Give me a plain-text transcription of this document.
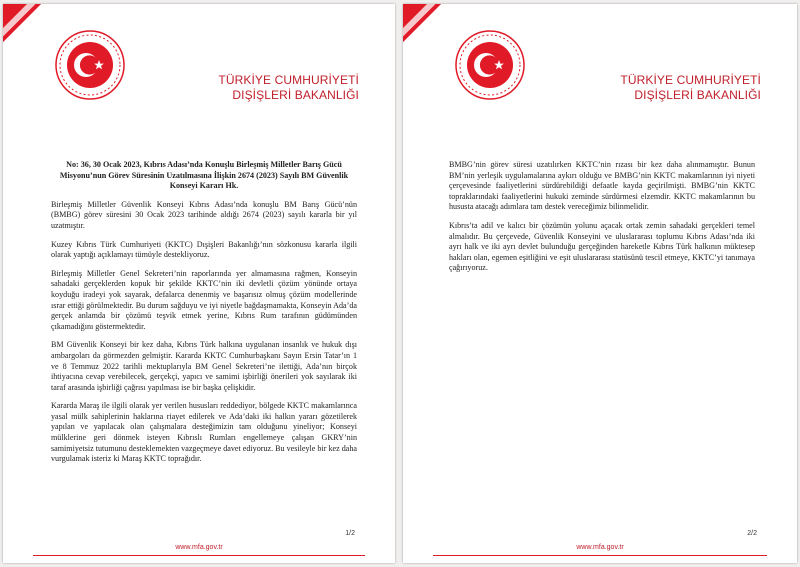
TÜRKİYE CUMHURİYETİ
DIŞİŞLERİ BAKANLIĞI

No: 36, 30 Ocak 2023, Kıbrıs Adası’nda Konuşlu Birleşmiş Milletler Barış Gücü Misyonu’nun Görev Süresinin Uzatılmasına İlişkin 2674 (2023) Sayılı BM Güvenlik Konseyi Kararı Hk.

Birleşmiş Milletler Güvenlik Konseyi Kıbrıs Adası’nda konuşlu BM Barış Gücü’nün (BMBG) görev süresini 30 Ocak 2023 tarihinde aldığı 2674 (2023) sayılı kararla bir yıl uzatmıştır.

Kuzey Kıbrıs Türk Cumhuriyeti (KKTC) Dışişleri Bakanlığı’nın sözkonusu kararla ilgili olarak yaptığı açıklamayı tümüyle destekliyoruz.

Birleşmiş Milletler Genel Sekreteri’nin raporlarında yer almamasına rağmen, Konseyin sahadaki gerçeklerden kopuk bir şekilde KKTC’nin iki devletli çözüm yönünde ortaya koyduğu iradeyi yok sayarak, defalarca denenmiş ve başarısız olmuş çözüm modellerinde ısrar ettiği görülmektedir. Bu durum sağduyu ve iyi niyetle bağdaşmamakta, Konseyin Ada’da gerçek anlamda bir çözümü teşvik etmek yerine, Kıbrıs Rum tarafının güdümünden çıkamadığını göstermektedir.

BM Güvenlik Konseyi bir kez daha, Kıbrıs Türk halkına uygulanan insanlık ve hukuk dışı ambargoları da görmezden gelmiştir. Karardа KKTC Cumhurbaşkanı Sayın Ersin Tatar’ın 1 ve 8 Temmuz 2022 tarihli mektuplarıyla BM Genel Sekreteri’ne ilettiği, Ada’nın birçok ihtiyacına cevap verebilecek, gerçekçi, yapıcı ve samimi işbirliği önerileri yok sayılarak iki taraf arasında işbirliği çağrısı yapılması ise bir başka çelişkidir.

Kararda Maraş ile ilgili olarak yer verilen hususları reddediyor, bölgede KKTC makamlarınca yasal mülk sahiplerinin haklarına riayet edilerek ve Ada’daki iki halkın yararı gözetilerek yapılan ve yapılacak olan çalışmalara desteğimizin tam olduğunu yineliyor; Konseyi mülklerine geri dönmek isteyen Kıbrıslı Rumları engellemeye çalışan GKRY’nin samimiyetsiz tutumunu desteklemekten vazgeçmeye davet ediyoruz. Bu vesileyle bir kez daha vurgulamak isteriz ki Maraş KKTC toprağıdır.

1/2
www.mfa.gov.tr
TÜRKİYE CUMHURİYETİ
DIŞİŞLERİ BAKANLIĞI

BMBG’nin görev süresi uzatılırken KKTC’nin rızası bir kez daha alınmamıştır. Bunun BM’nin yerleşik uygulamalarına aykırı olduğu ve BMBG’nin KKTC makamlarının iyi niyeti çerçevesinde faaliyetlerini sürdürebildiği defaatle kayda geçirilmişti. BMBG’nin KKTC topraklarındaki faaliyetlerini hukuki zeminde sürdürmesi elzemdir. KKTC makamlarının bu hususta atacağı adımlara tam destek vereceğimiz bilinmelidir.

Kıbrıs’ta adil ve kalıcı bir çözümün yolunu açacak ortak zemin sahadaki gerçekleri temel almalıdır. Bu çerçevede, Güvenlik Konseyini ve uluslararası toplumu Kıbrıs Adası’nda iki ayrı halk ve iki ayrı devlet bulunduğu gerçeğinden hareketle Kıbrıs Türk halkının müktesep hakları olan, egemen eşitliğini ve eşit uluslararası statüsünü tescil etmeye, KKTC’yi tanımaya çağırıyoruz.

2/2
www.mfa.gov.tr
